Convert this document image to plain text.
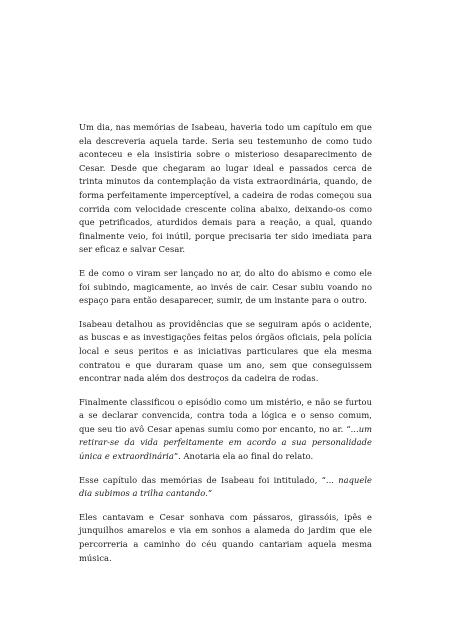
Um dia, nas memórias de Isabeau, haveria todo um capítulo em que ela descreveria aquela tarde. Seria seu testemunho de como tudo aconteceu e ela insistiria sobre o misterioso desaparecimento de Cesar. Desde que chegaram ao lugar ideal e passados cerca de trinta minutos da contemplação da vista extraordinária, quando, de forma perfeitamente imperceptível, a cadeira de rodas começou sua corrida com velocidade crescente colina abaixo, deixando-os como que petrificados, aturdidos demais para a reação, a qual, quando finalmente veio, foi inútil, porque precisaria ter sido imediata para ser eficaz e salvar Cesar.

E de como o viram ser lançado no ar, do alto do abismo e como ele foi subindo, magicamente, ao invés de cair. Cesar subiu voando no espaço para então desaparecer, sumir, de um instante para o outro.

Isabeau detalhou as providências que se seguiram após o acidente, as buscas e as investigações feitas pelos órgãos oficiais, pela polícia local e seus peritos e as iniciativas particulares que ela mesma contratou e que duraram quase um ano, sem que conseguissem encontrar nada além dos destroços da cadeira de rodas.

Finalmente classificou o episódio como um mistério, e não se furtou a se declarar convencida, contra toda a lógica e o senso comum, que seu tio avô Cesar apenas sumiu como por encanto, no ar. “...um retirar-se da vida perfeitamente em acordo a sua personalidade única e extraordinária”. Anotaria ela ao final do relato.

Esse capítulo das memórias de Isabeau foi intitulado, “... naquele dia subimos a trilha cantando.”

Eles cantavam e Cesar sonhava com pássaros, girassóis, ipês e junquilhos amarelos e via em sonhos a alameda do jardim que ele percorreria a caminho do céu quando cantariam aquela mesma música.
